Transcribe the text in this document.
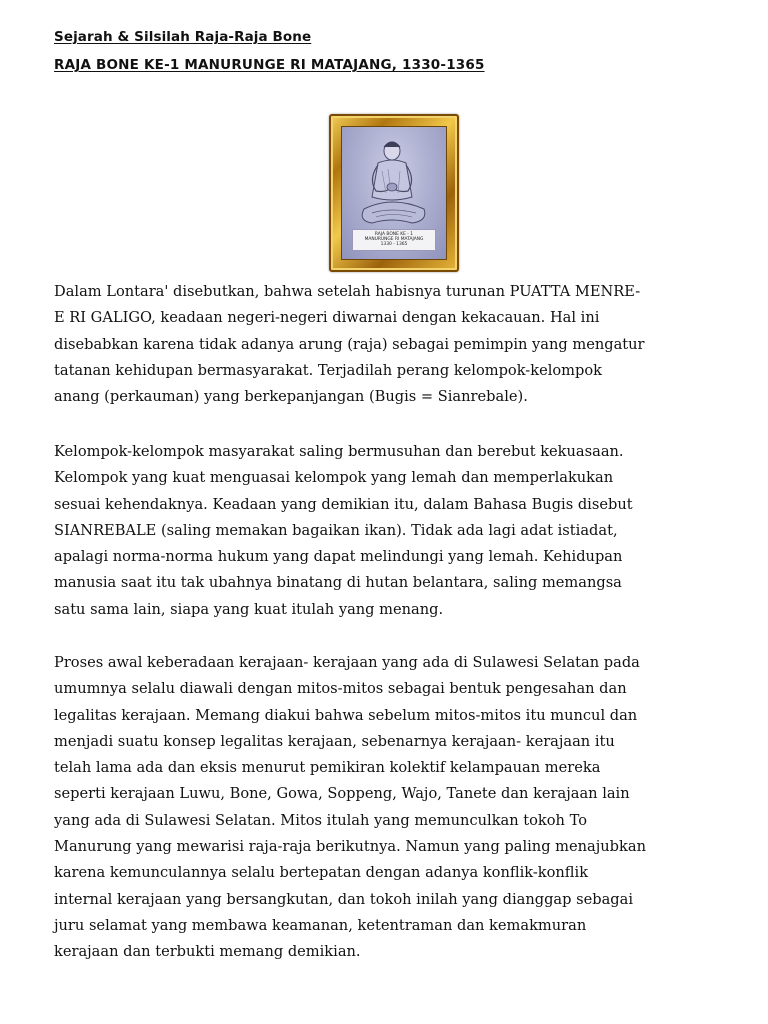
Sejarah & Silsilah Raja-Raja Bone
RAJA BONE KE-1 MANURUNGE RI MATAJANG, 1330-1365
RAJA BONE KE - 1
MANURUNGE RI MATAJANG
1330 - 1365

Dalam Lontara' disebutkan, bahwa setelah habisnya turunan PUATTA MENRE-
E RI GALIGO, keadaan negeri-negeri diwarnai dengan kekacauan. Hal ini
disebabkan karena tidak adanya arung (raja) sebagai pemimpin yang mengatur
tatanan kehidupan bermasyarakat. Terjadilah perang kelompok-kelompok
anang (perkauman) yang berkepanjangan (Bugis = Sianrebale).

Kelompok-kelompok masyarakat saling bermusuhan dan berebut kekuasaan.
Kelompok yang kuat menguasai kelompok yang lemah dan memperlakukan
sesuai kehendaknya. Keadaan yang demikian itu, dalam Bahasa Bugis disebut
SIANREBALE (saling memakan bagaikan ikan). Tidak ada lagi adat istiadat,
apalagi norma-norma hukum yang dapat melindungi yang lemah. Kehidupan
manusia saat itu tak ubahnya binatang di hutan belantara, saling memangsa
satu sama lain, siapa yang kuat itulah yang menang.

Proses awal keberadaan kerajaan- kerajaan yang ada di Sulawesi Selatan pada
umumnya selalu diawali dengan mitos-mitos sebagai bentuk pengesahan dan
legalitas kerajaan. Memang diakui bahwa sebelum mitos-mitos itu muncul dan
menjadi suatu konsep legalitas kerajaan, sebenarnya kerajaan- kerajaan itu
telah lama ada dan eksis menurut pemikiran kolektif kelampauan mereka
seperti kerajaan Luwu, Bone, Gowa, Soppeng, Wajo, Tanete dan kerajaan lain
yang ada di Sulawesi Selatan. Mitos itulah yang memunculkan tokoh To
Manurung yang mewarisi raja-raja berikutnya. Namun yang paling menajubkan
karena kemunculannya selalu bertepatan dengan adanya konflik-konflik
internal kerajaan yang bersangkutan, dan tokoh inilah yang dianggap sebagai
juru selamat yang membawa keamanan, ketentraman dan kemakmuran
kerajaan dan terbukti memang demikian.
